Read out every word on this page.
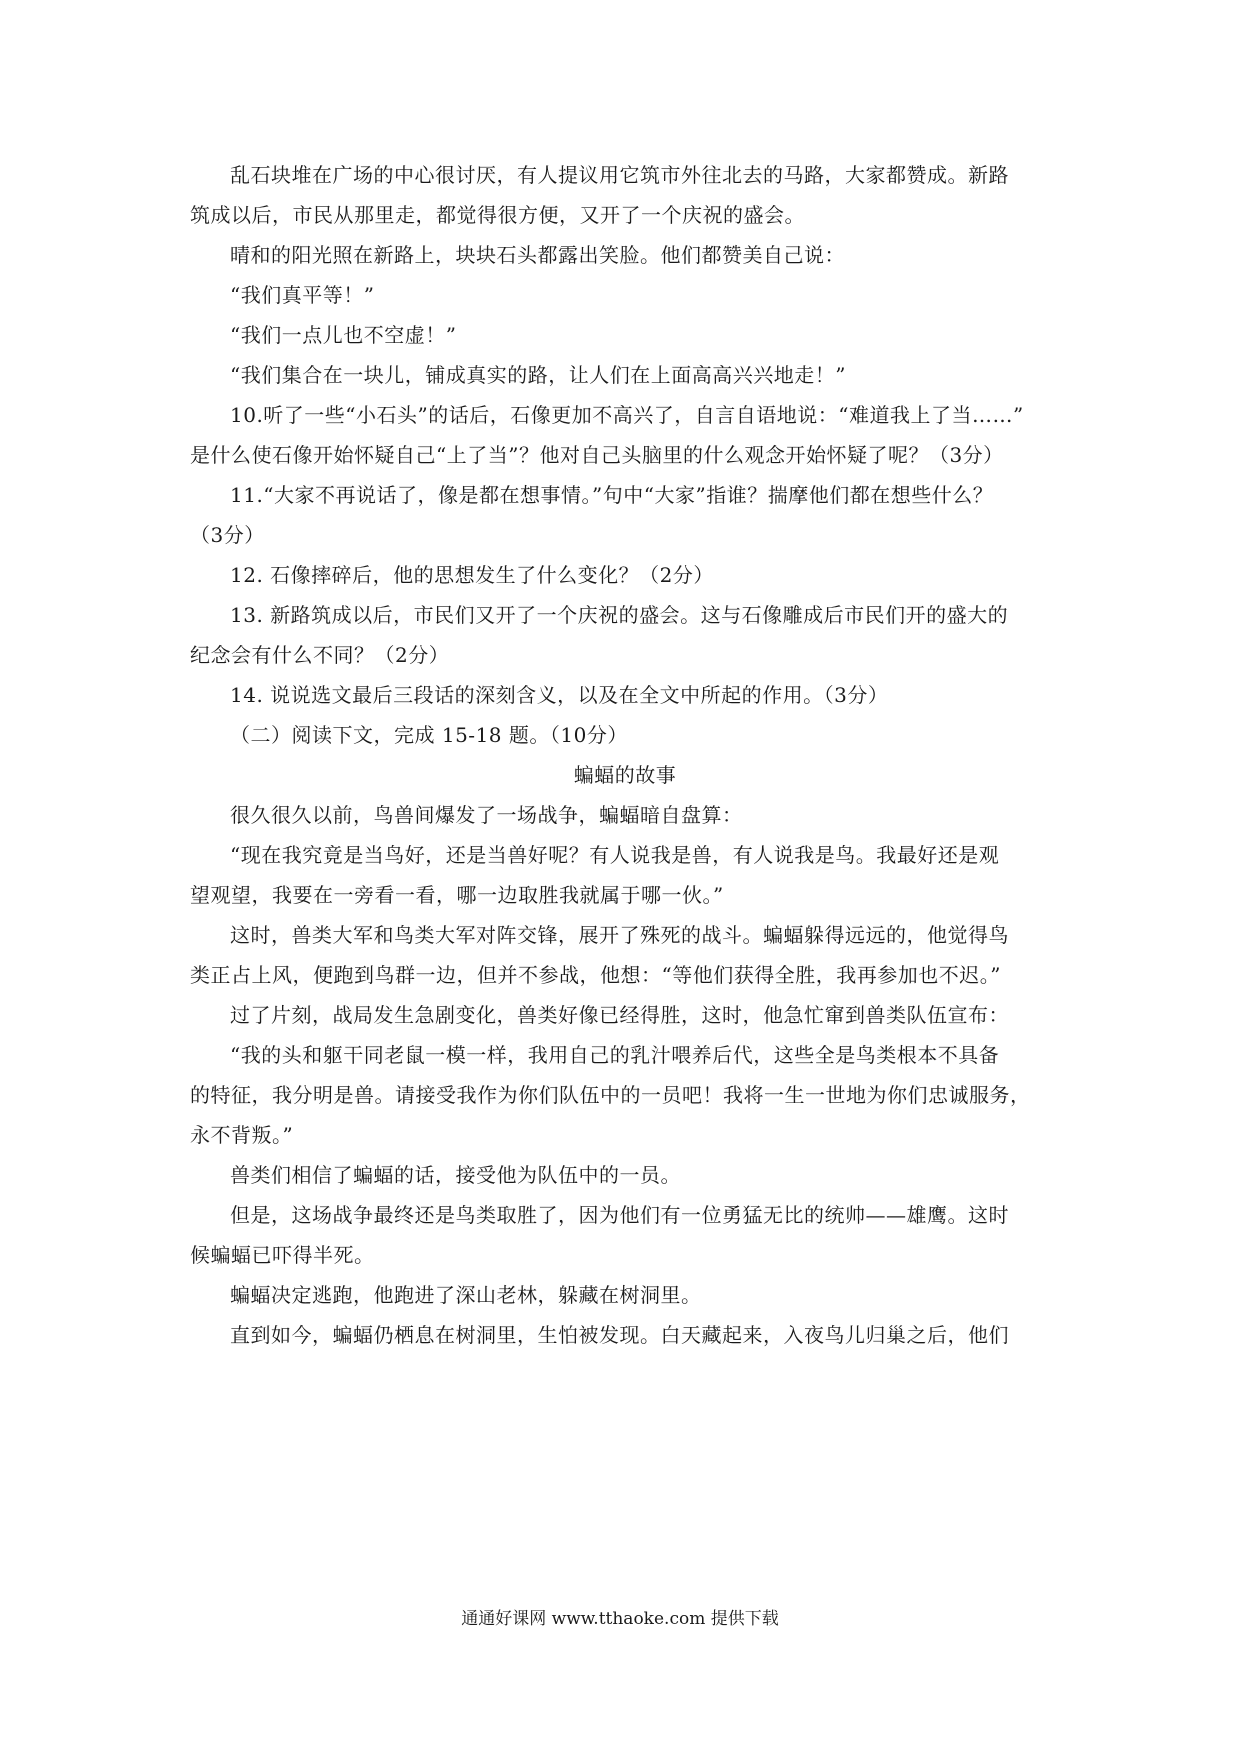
乱石块堆在广场的中心很讨厌，有人提议用它筑市外往北去的马路，大家都赞成。新路
筑成以后，市民从那里走，都觉得很方便，又开了一个庆祝的盛会。
晴和的阳光照在新路上，块块石头都露出笑脸。他们都赞美自己说：
“我们真平等！”
“我们一点儿也不空虚！”
“我们集合在一块儿，铺成真实的路，让人们在上面高高兴兴地走！”
10.听了一些“小石头”的话后，石像更加不高兴了，自言自语地说：“难道我上了当……”
是什么使石像开始怀疑自己“上了当”？他对自己头脑里的什么观念开始怀疑了呢？（3分）
11.“大家不再说话了，像是都在想事情。”句中“大家”指谁？揣摩他们都在想些什么？
（3分）
12. 石像摔碎后，他的思想发生了什么变化？（2分）
13. 新路筑成以后，市民们又开了一个庆祝的盛会。这与石像雕成后市民们开的盛大的
纪念会有什么不同？（2分）
14. 说说选文最后三段话的深刻含义，以及在全文中所起的作用。（3分）
（二）阅读下文，完成 15-18 题。（10分）
蝙蝠的故事
很久很久以前，鸟兽间爆发了一场战争，蝙蝠暗自盘算：
“现在我究竟是当鸟好，还是当兽好呢？有人说我是兽，有人说我是鸟。我最好还是观
望观望，我要在一旁看一看，哪一边取胜我就属于哪一伙。”
这时，兽类大军和鸟类大军对阵交锋，展开了殊死的战斗。蝙蝠躲得远远的，他觉得鸟
类正占上风，便跑到鸟群一边，但并不参战，他想：“等他们获得全胜，我再参加也不迟。”
过了片刻，战局发生急剧变化，兽类好像已经得胜，这时，他急忙窜到兽类队伍宣布：
“我的头和躯干同老鼠一模一样，我用自己的乳汁喂养后代，这些全是鸟类根本不具备
的特征，我分明是兽。请接受我作为你们队伍中的一员吧！我将一生一世地为你们忠诚服务，
永不背叛。”
兽类们相信了蝙蝠的话，接受他为队伍中的一员。
但是，这场战争最终还是鸟类取胜了，因为他们有一位勇猛无比的统帅——雄鹰。这时
候蝙蝠已吓得半死。
蝙蝠决定逃跑，他跑进了深山老林，躲藏在树洞里。
直到如今，蝙蝠仍栖息在树洞里，生怕被发现。白天藏起来，入夜鸟儿归巢之后，他们
通通好课网 www.tthaoke.com 提供下载
